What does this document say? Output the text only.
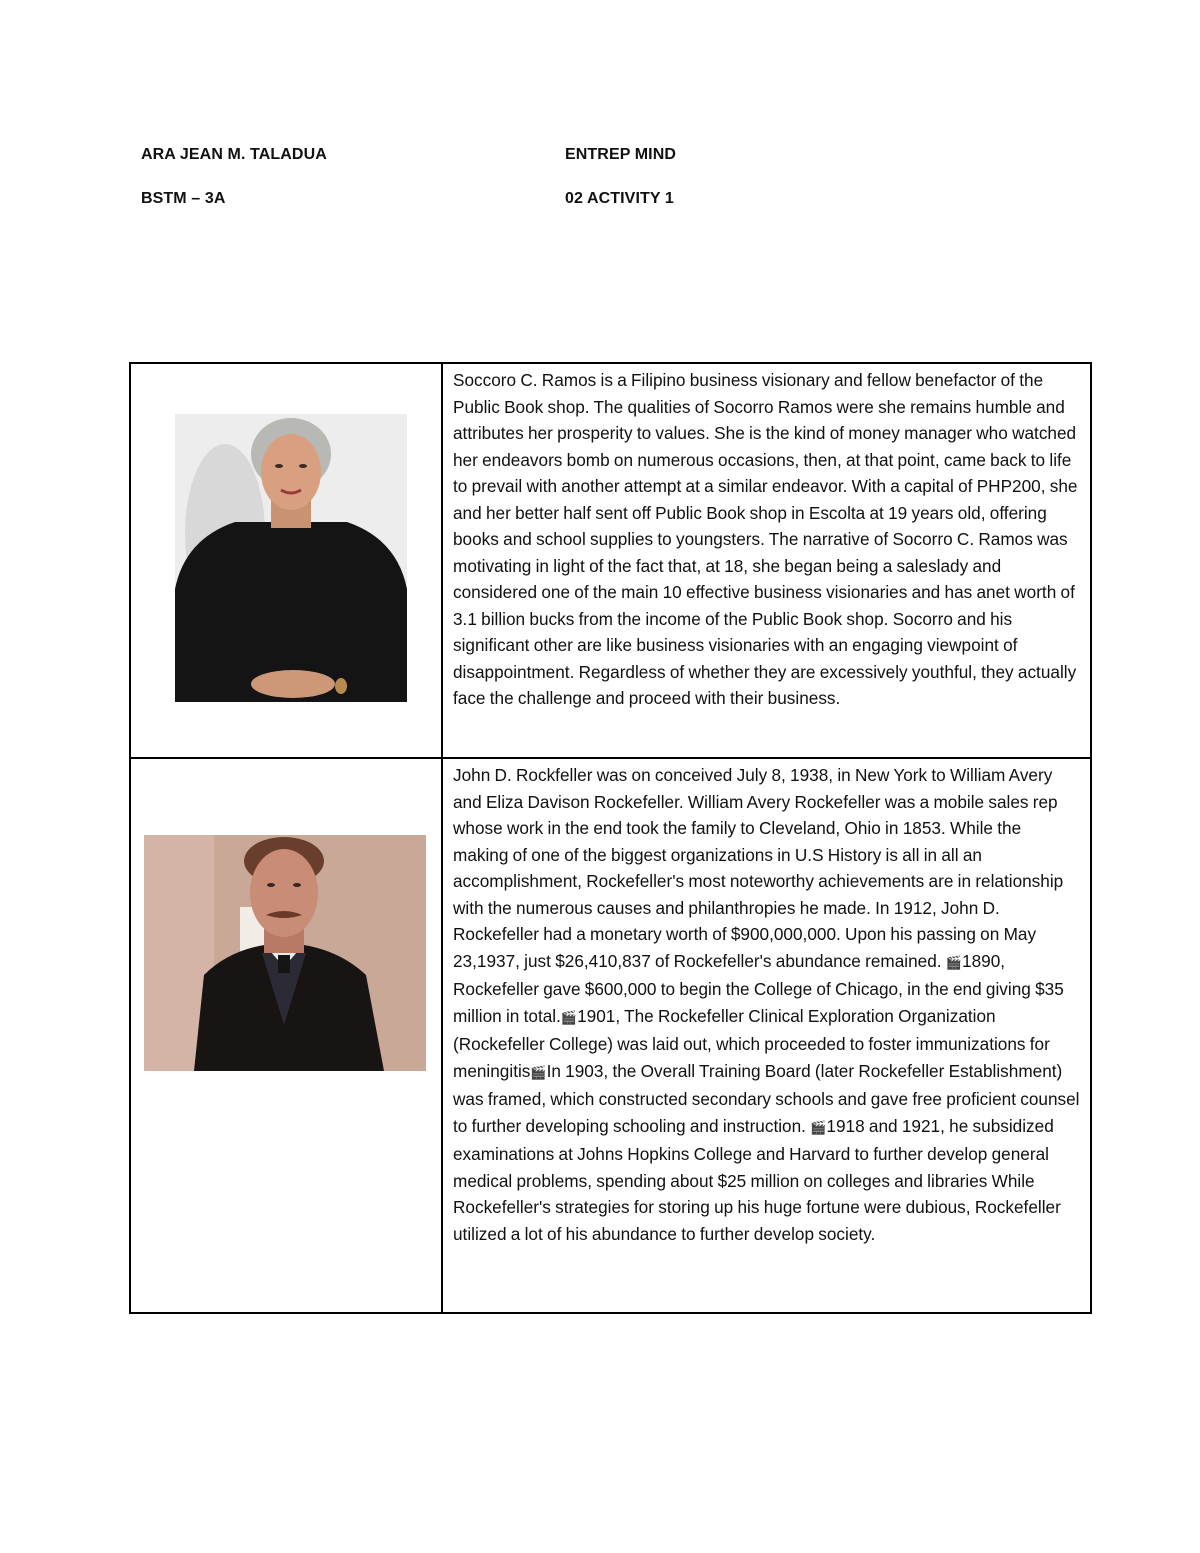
ARA JEAN M. TALADUA
BSTM – 3A
ENTREP MIND
02 ACTIVITY 1

Soccoro C. Ramos is a Filipino business visionary and fellow benefactor of the Public Book shop. The qualities of Socorro Ramos were she remains humble and attributes her prosperity to values. She is the kind of money manager who watched her endeavors bomb on numerous occasions, then, at that point, came back to life to prevail with another attempt at a similar endeavor. With a capital of PHP200, she and her better half sent off Public Book shop in Escolta at 19 years old, offering books and school supplies to youngsters. The narrative of Socorro C. Ramos was motivating in light of the fact that, at 18, she began being a saleslady and considered one of the main 10 effective business visionaries and has anet worth of 3.1 billion bucks from the income of the Public Book shop. Socorro and his significant other are like business visionaries with an engaging viewpoint of disappointment. Regardless of whether they are excessively youthful, they actually face the challenge and proceed with their business.

John D. Rockfeller was on conceived July 8, 1938, in New York to William Avery and Eliza Davison Rockefeller. William Avery Rockefeller was a mobile sales rep whose work in the end took the family to Cleveland, Ohio in 1853. While the making of one of the biggest organizations in U.S History is all in all an accomplishment, Rockefeller's most noteworthy achievements are in relationship with the numerous causes and philanthropies he made. In 1912, John D. Rockefeller had a monetary worth of $900,000,000. Upon his passing on May 23,1937, just $26,410,837 of Rockefeller's abundance remained. 🎬1890, Rockefeller gave $600,000 to begin the College of Chicago, in the end giving $35 million in total.🎬1901, The Rockefeller Clinical Exploration Organization (Rockefeller College) was laid out, which proceeded to foster immunizations for meningitis🎬In 1903, the Overall Training Board (later Rockefeller Establishment) was framed, which constructed secondary schools and gave free proficient counsel to further developing schooling and instruction. 🎬1918 and 1921, he subsidized examinations at Johns Hopkins College and Harvard to further develop general medical problems, spending about $25 million on colleges and libraries While Rockefeller's strategies for storing up his huge fortune were dubious, Rockefeller utilized a lot of his abundance to further develop society.
